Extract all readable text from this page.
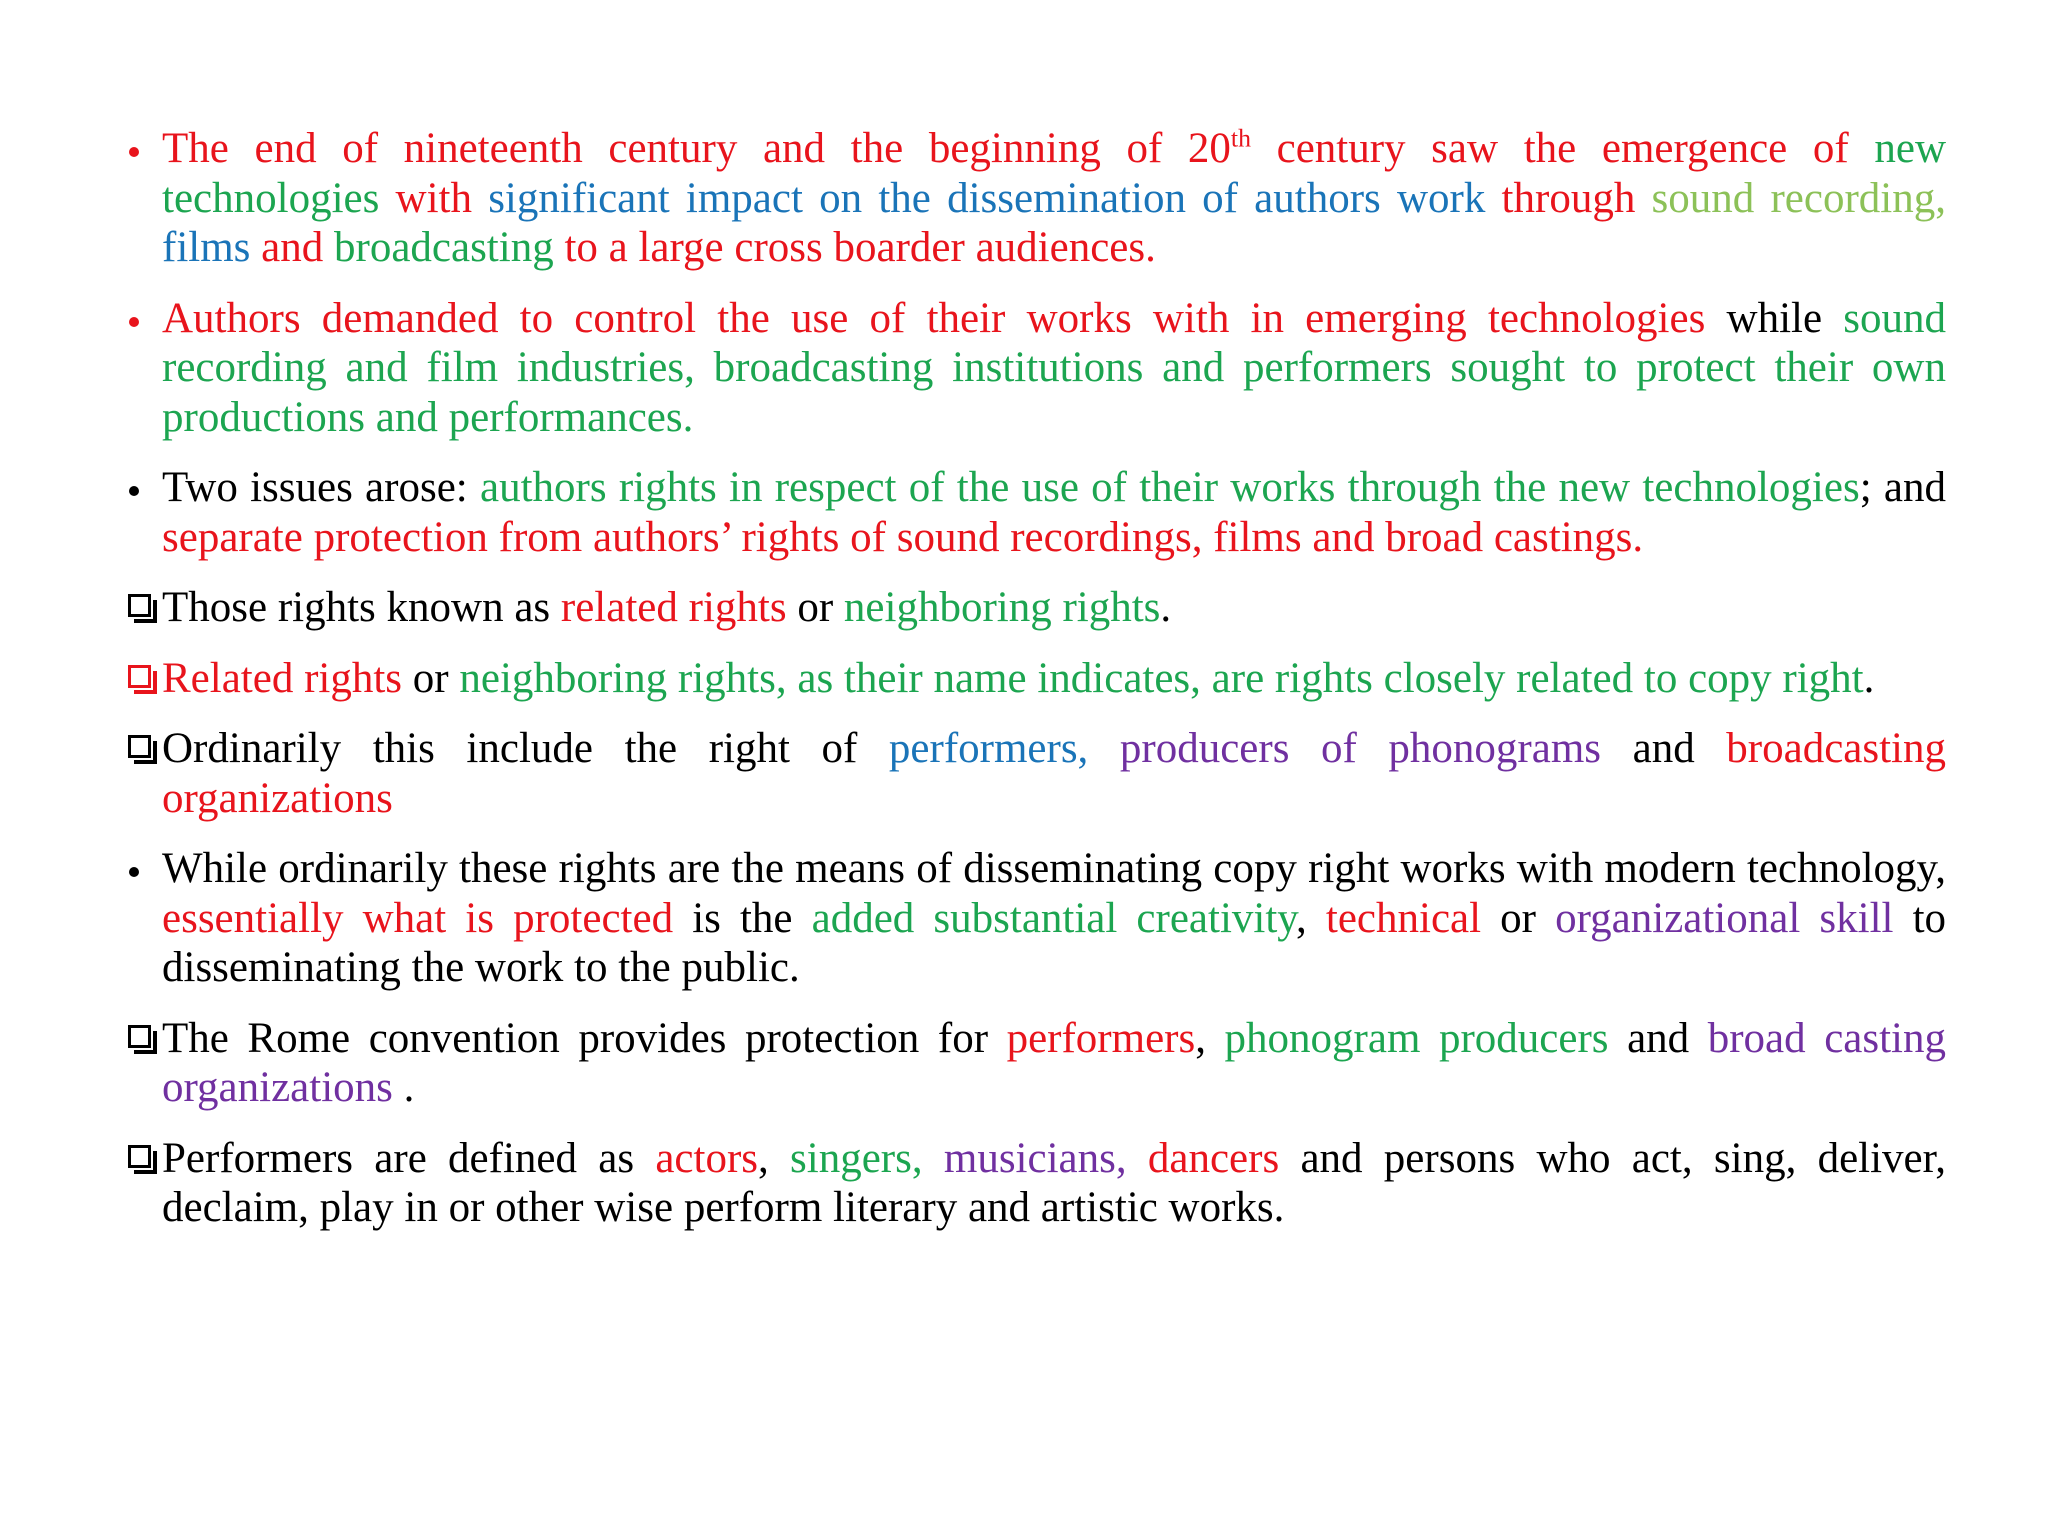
The end of nineteenth century and the beginning of 20th century saw the emergence of new technologies with significant impact on the dissemination of authors work through sound recording, films and broadcasting to a large cross boarder audiences.
Authors demanded to control the use of their works with in emerging technologies while sound recording and film industries, broadcasting institutions and performers sought to protect their own productions and performances.
Two issues arose: authors rights in respect of the use of their works through the new technologies; and separate protection from authors’ rights of sound recordings, films and broad castings.
Those rights known as related rights or neighboring rights.
Related rights or neighboring rights, as their name indicates, are rights closely related to copy right.
Ordinarily this include the right of performers, producers of phonograms and broadcasting organizations
While ordinarily these rights are the means of disseminating copy right works with modern technology, essentially what is protected is the added substantial creativity, technical or organizational skill to disseminating the work to the public.
The Rome convention provides protection for performers, phonogram producers and broad casting organizations .
Performers are defined as actors, singers, musicians, dancers and persons who act, sing, deliver, declaim, play in or other wise perform literary and artistic works.
